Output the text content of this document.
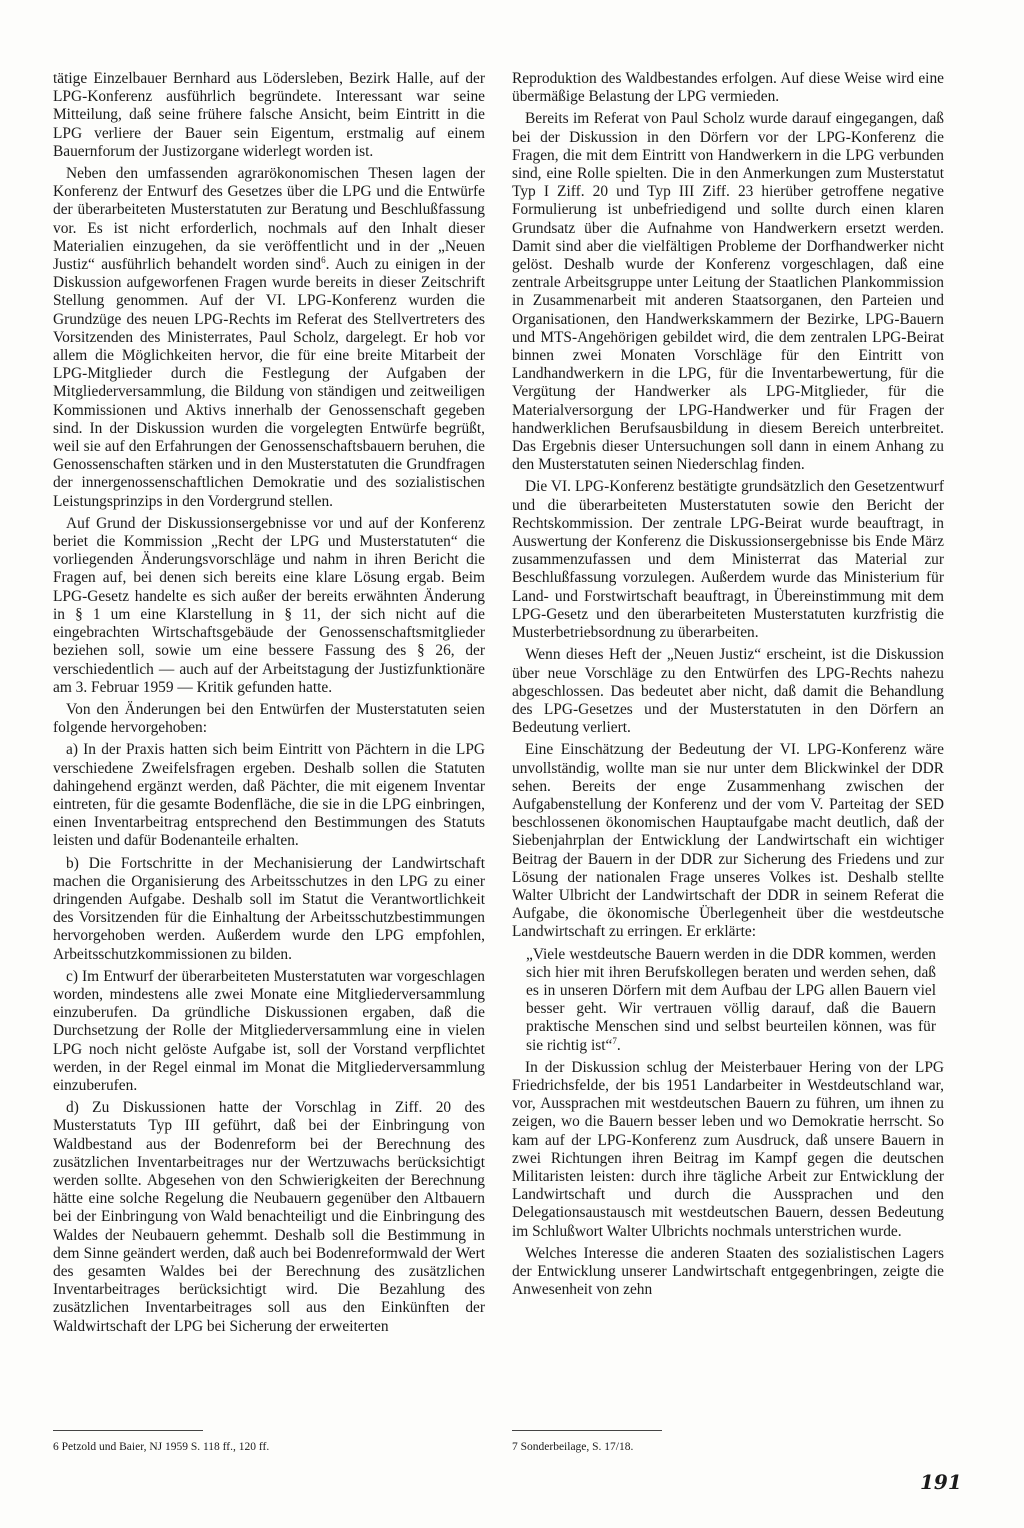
tätige Einzelbauer Bernhard aus Lödersleben, Bezirk Halle, auf der LPG-Konferenz ausführlich begründete. Interessant war seine Mitteilung, daß seine frühere falsche Ansicht, beim Eintritt in die LPG verliere der Bauer sein Eigentum, erstmalig auf einem Bauernforum der Justizorgane widerlegt worden ist.

Neben den umfassenden agrarökonomischen Thesen lagen der Konferenz der Entwurf des Gesetzes über die LPG und die Entwürfe der überarbeiteten Musterstatuten zur Beratung und Beschlußfassung vor. Es ist nicht erforderlich, nochmals auf den Inhalt dieser Materialien einzugehen, da sie veröffentlicht und in der „Neuen Justiz“ ausführlich behandelt worden sind$^6$. Auch zu einigen in der Diskussion aufgeworfenen Fragen wurde bereits in dieser Zeitschrift Stellung genommen. Auf der VI. LPG-Konferenz wurden die Grundzüge des neuen LPG-Rechts im Referat des Stellvertreters des Vorsitzenden des Ministerrates, Paul Scholz, dargelegt. Er hob vor allem die Möglichkeiten hervor, die für eine breite Mitarbeit der LPG-Mitglieder durch die Festlegung der Aufgaben der Mitgliederversammlung, die Bildung von ständigen und zeitweiligen Kommissionen und Aktivs innerhalb der Genossenschaft gegeben sind. In der Diskussion wurden die vorgelegten Entwürfe begrüßt, weil sie auf den Erfahrungen der Genossenschaftsbauern beruhen, die Genossenschaften stärken und in den Musterstatuten die Grundfragen der innergenossenschaftlichen Demokratie und des sozialistischen Leistungsprinzips in den Vordergrund stellen.

Auf Grund der Diskussionsergebnisse vor und auf der Konferenz beriet die Kommission „Recht der LPG und Musterstatuten“ die vorliegenden Änderungsvorschläge und nahm in ihren Bericht die Fragen auf, bei denen sich bereits eine klare Lösung ergab. Beim LPG-Gesetz handelte es sich außer der bereits erwähnten Änderung in § 1 um eine Klarstellung in § 11, der sich nicht auf die eingebrachten Wirtschaftsgebäude der Genossenschaftsmitglieder beziehen soll, sowie um eine bessere Fassung des § 26, der verschiedentlich — auch auf der Arbeitstagung der Justizfunktionäre am 3. Februar 1959 — Kritik gefunden hatte.

Von den Änderungen bei den Entwürfen der Musterstatuten seien folgende hervorgehoben:

a) In der Praxis hatten sich beim Eintritt von Pächtern in die LPG verschiedene Zweifelsfragen ergeben. Deshalb sollen die Statuten dahingehend ergänzt werden, daß Pächter, die mit eigenem Inventar eintreten, für die gesamte Bodenfläche, die sie in die LPG einbringen, einen Inventarbeitrag entsprechend den Bestimmungen des Statuts leisten und dafür Bodenanteile erhalten.

b) Die Fortschritte in der Mechanisierung der Landwirtschaft machen die Organisierung des Arbeitsschutzes in den LPG zu einer dringenden Aufgabe. Deshalb soll im Statut die Verantwortlichkeit des Vorsitzenden für die Einhaltung der Arbeitsschutzbestimmungen hervorgehoben werden. Außerdem wurde den LPG empfohlen, Arbeitsschutzkommissionen zu bilden.

c) Im Entwurf der überarbeiteten Musterstatuten war vorgeschlagen worden, mindestens alle zwei Monate eine Mitgliederversammlung einzuberufen. Da gründliche Diskussionen ergaben, daß die Durchsetzung der Rolle der Mitgliederversammlung eine in vielen LPG noch nicht gelöste Aufgabe ist, soll der Vorstand verpflichtet werden, in der Regel einmal im Monat die Mitgliederversammlung einzuberufen.

d) Zu Diskussionen hatte der Vorschlag in Ziff. 20 des Musterstatuts Typ III geführt, daß bei der Einbringung von Waldbestand aus der Bodenreform bei der Berechnung des zusätzlichen Inventarbeitrages nur der Wertzuwachs berücksichtigt werden sollte. Abgesehen von den Schwierigkeiten der Berechnung hätte eine solche Regelung die Neubauern gegenüber den Altbauern bei der Einbringung von Wald benachteiligt und die Einbringung des Waldes der Neubauern gehemmt. Deshalb soll die Bestimmung in dem Sinne geändert werden, daß auch bei Bodenreformwald der Wert des gesamten Waldes bei der Berechnung des zusätzlichen Inventarbeitrages berücksichtigt wird. Die Bezahlung des zusätzlichen Inventarbeitrages soll aus den Einkünften der Waldwirtschaft der LPG bei Sicherung der erweiterten

Reproduktion des Waldbestandes erfolgen. Auf diese Weise wird eine übermäßige Belastung der LPG vermieden.

Bereits im Referat von Paul Scholz wurde darauf eingegangen, daß bei der Diskussion in den Dörfern vor der LPG-Konferenz die Fragen, die mit dem Eintritt von Handwerkern in die LPG verbunden sind, eine Rolle spielten. Die in den Anmerkungen zum Musterstatut Typ I Ziff. 20 und Typ III Ziff. 23 hierüber getroffene negative Formulierung ist unbefriedigend und sollte durch einen klaren Grundsatz über die Aufnahme von Handwerkern ersetzt werden. Damit sind aber die vielfältigen Probleme der Dorfhandwerker nicht gelöst. Deshalb wurde der Konferenz vorgeschlagen, daß eine zentrale Arbeitsgruppe unter Leitung der Staatlichen Plankommission in Zusammenarbeit mit anderen Staatsorganen, den Parteien und Organisationen, den Handwerkskammern der Bezirke, LPG-Bauern und MTS-Angehörigen gebildet wird, die dem zentralen LPG-Beirat binnen zwei Monaten Vorschläge für den Eintritt von Landhandwerkern in die LPG, für die Inventarbewertung, für die Vergütung der Handwerker als LPG-Mitglieder, für die Materialversorgung der LPG-Handwerker und für Fragen der handwerklichen Berufsausbildung in diesem Bereich unterbreitet. Das Ergebnis dieser Untersuchungen soll dann in einem Anhang zu den Musterstatuten seinen Niederschlag finden.

Die VI. LPG-Konferenz bestätigte grundsätzlich den Gesetzentwurf und die überarbeiteten Musterstatuten sowie den Bericht der Rechtskommission. Der zentrale LPG-Beirat wurde beauftragt, in Auswertung der Konferenz die Diskussionsergebnisse bis Ende März zusammenzufassen und dem Ministerrat das Material zur Beschlußfassung vorzulegen. Außerdem wurde das Ministerium für Land- und Forstwirtschaft beauftragt, in Übereinstimmung mit dem LPG-Gesetz und den überarbeiteten Musterstatuten kurzfristig die Musterbetriebsordnung zu überarbeiten.

Wenn dieses Heft der „Neuen Justiz“ erscheint, ist die Diskussion über neue Vorschläge zu den Entwürfen des LPG-Rechts nahezu abgeschlossen. Das bedeutet aber nicht, daß damit die Behandlung des LPG-Gesetzes und der Musterstatuten in den Dörfern an Bedeutung verliert.

Eine Einschätzung der Bedeutung der VI. LPG-Konferenz wäre unvollständig, wollte man sie nur unter dem Blickwinkel der DDR sehen. Bereits der enge Zusammenhang zwischen der Aufgabenstellung der Konferenz und der vom V. Parteitag der SED beschlossenen ökonomischen Hauptaufgabe macht deutlich, daß der Siebenjahrplan der Entwicklung der Landwirtschaft ein wichtiger Beitrag der Bauern in der DDR zur Sicherung des Friedens und zur Lösung der nationalen Frage unseres Volkes ist. Deshalb stellte Walter Ulbricht der Landwirtschaft der DDR in seinem Referat die Aufgabe, die ökonomische Überlegenheit über die westdeutsche Landwirtschaft zu erringen. Er erklärte:

„Viele westdeutsche Bauern werden in die DDR kommen, werden sich hier mit ihren Berufskollegen beraten und werden sehen, daß es in unseren Dörfern mit dem Aufbau der LPG allen Bauern viel besser geht. Wir vertrauen völlig darauf, daß die Bauern praktische Menschen sind und selbst beurteilen können, was für sie richtig ist“$^7$.

In der Diskussion schlug der Meisterbauer Hering von der LPG Friedrichsfelde, der bis 1951 Landarbeiter in Westdeutschland war, vor, Aussprachen mit westdeutschen Bauern zu führen, um ihnen zu zeigen, wo die Bauern besser leben und wo Demokratie herrscht. So kam auf der LPG-Konferenz zum Ausdruck, daß unsere Bauern in zwei Richtungen ihren Beitrag im Kampf gegen die deutschen Militaristen leisten: durch ihre tägliche Arbeit zur Entwicklung der Landwirtschaft und durch die Aussprachen und den Delegationsaustausch mit westdeutschen Bauern, dessen Bedeutung im Schlußwort Walter Ulbrichts nochmals unterstrichen wurde.

Welches Interesse die anderen Staaten des sozialistischen Lagers der Entwicklung unserer Landwirtschaft entgegenbringen, zeigte die Anwesenheit von zehn

6 Petzold und Baier, NJ 1959 S. 118 ff., 120 ff.	7 Sonderbeilage, S. 17/18.
191
